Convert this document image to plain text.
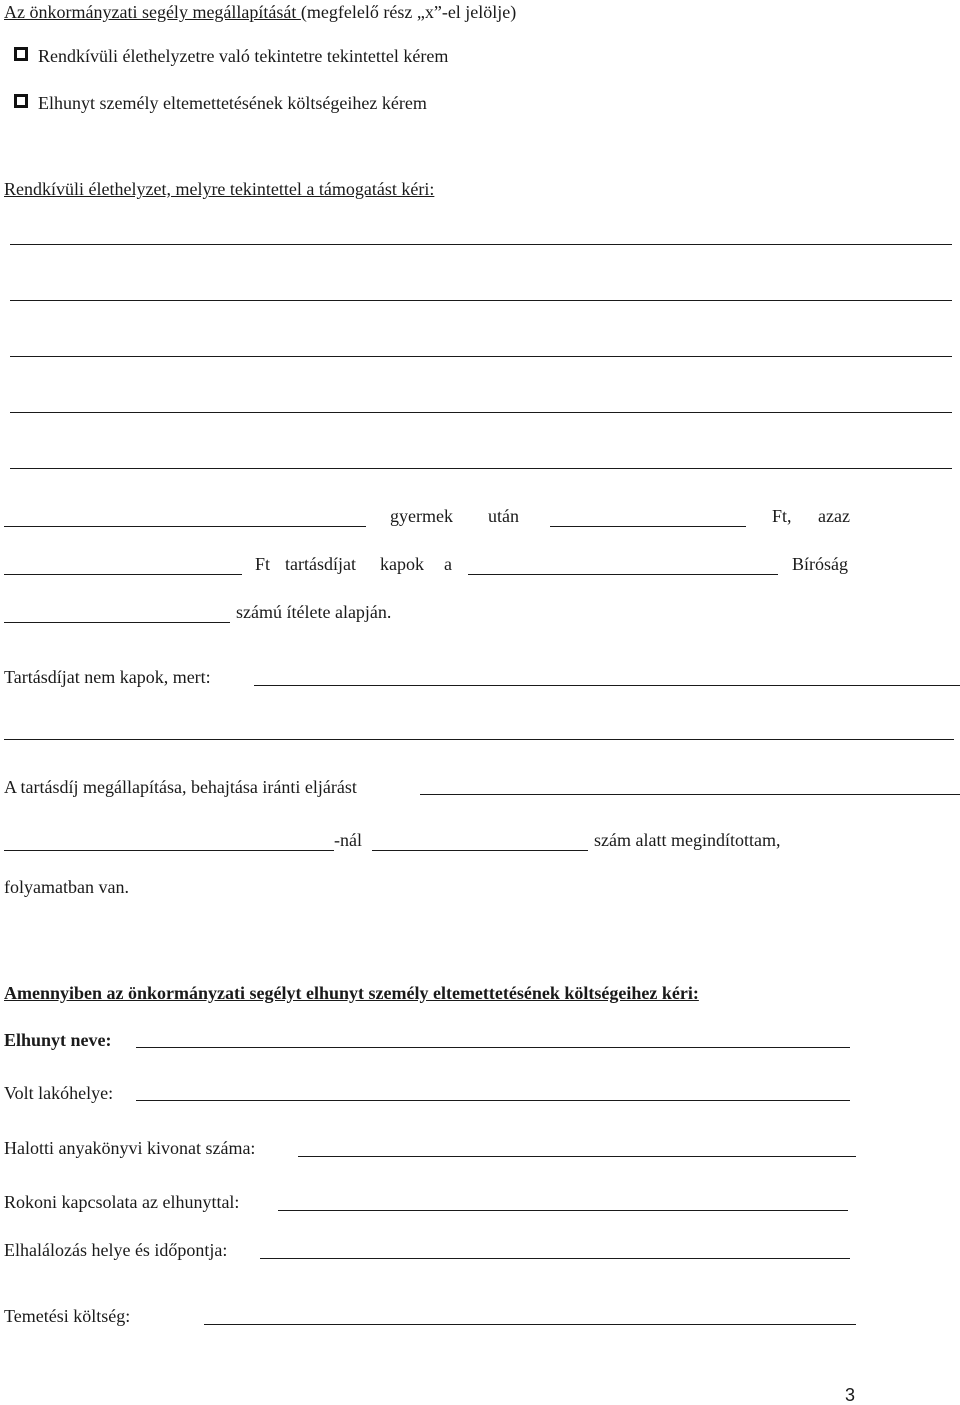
Az önkormányzati segély megállapítását (megfelelő rész „x”-el jelölje)
Rendkívüli élethelyzetre való tekintetre tekintettel kérem
Elhunyt személy eltemettetésének költségeihez kérem
Rendkívüli élethelyzet, melyre tekintettel a támogatást kéri:
gyermek után	Ft, azaz
Ft tartásdíjat kapok a	Bíróság
számú ítélete alapján.
Tartásdíjat nem kapok, mert:
A tartásdíj megállapítása, behajtása iránti eljárást
-nál	szám alatt megindítottam,
folyamatban van.
Amennyiben az önkormányzati segélyt elhunyt személy eltemettetésének költségeihez kéri:
Elhunyt neve:
Volt lakóhelye:
Halotti anyakönyvi kivonat száma:
Rokoni kapcsolata az elhunyttal:
Elhalálozás helye és időpontja:
Temetési költség:
3
